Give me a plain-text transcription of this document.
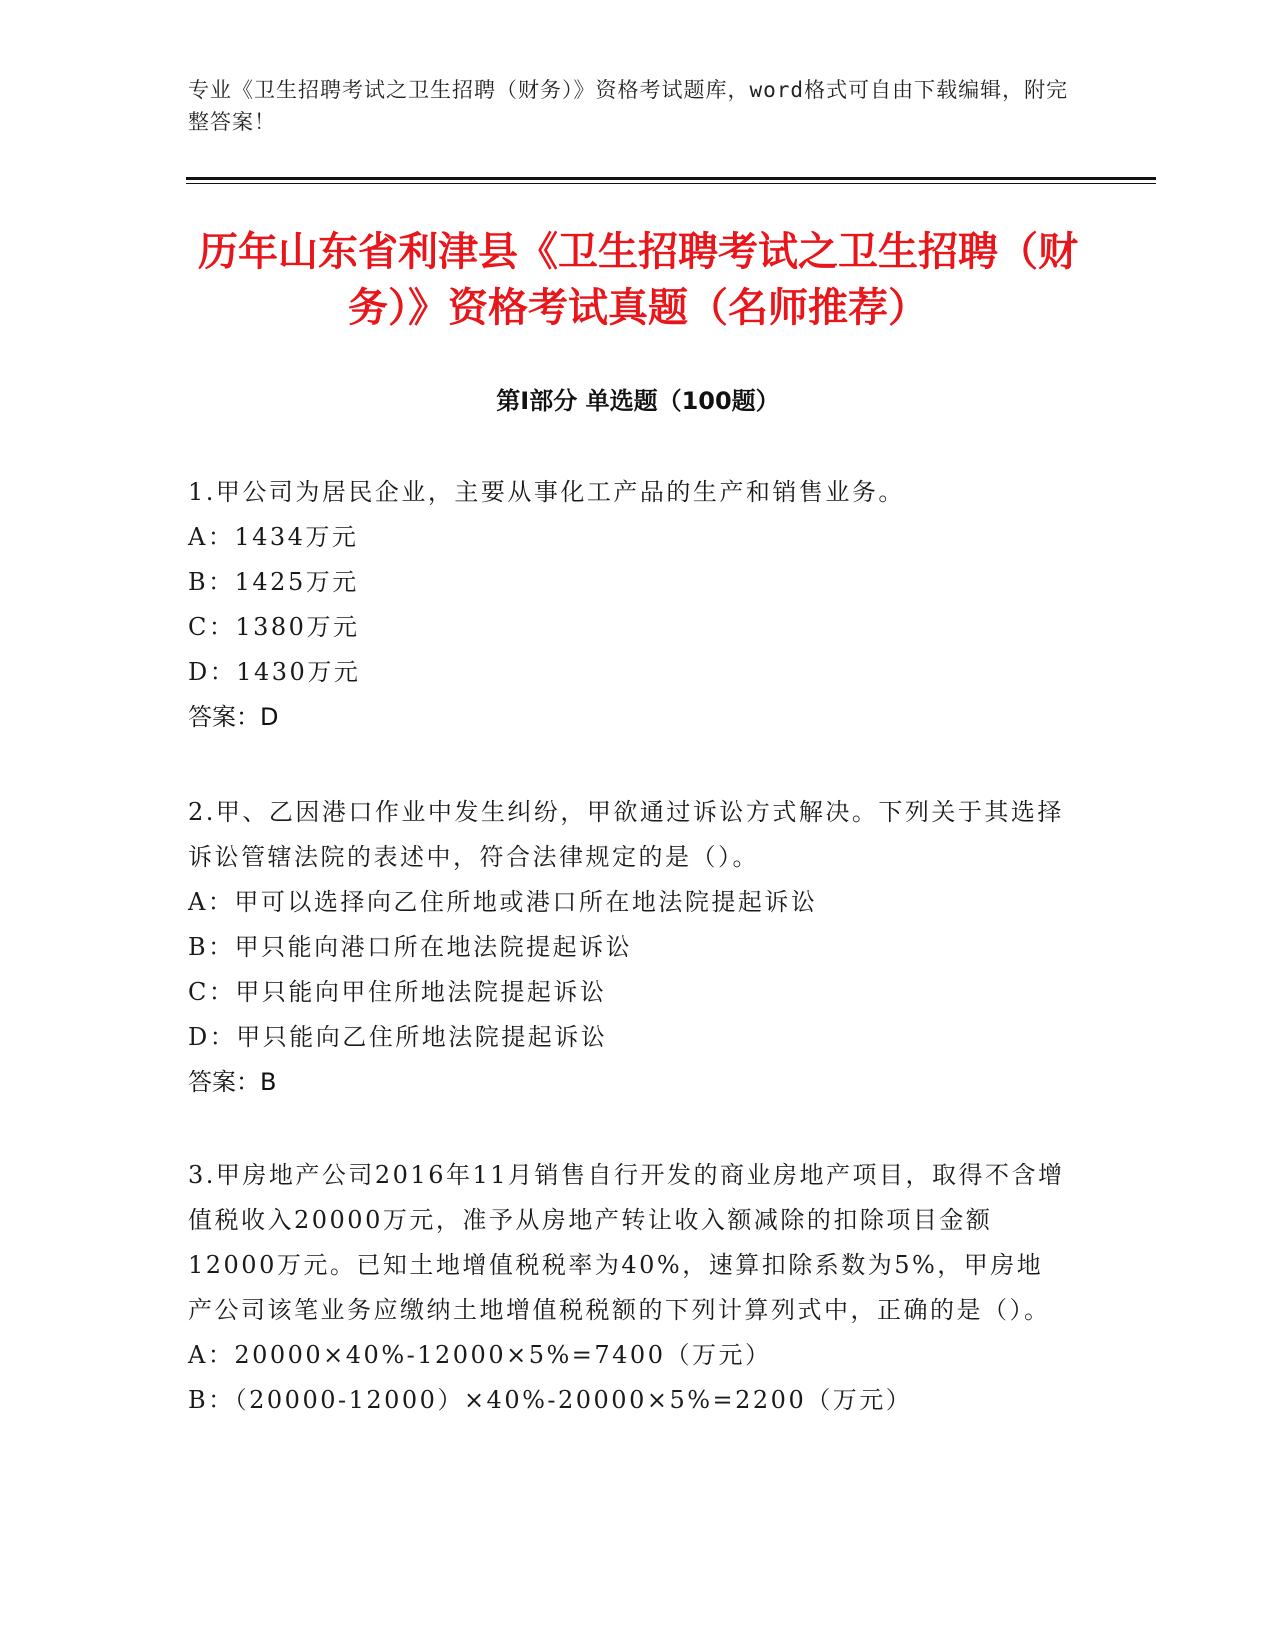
专业《卫生招聘考试之卫生招聘（财务）》资格考试题库，word格式可自由下载编辑，附完整答案！
历年山东省利津县《卫生招聘考试之卫生招聘（财务）》资格考试真题（名师推荐）
第Ⅰ部分 单选题（100题）
1.甲公司为居民企业，主要从事化工产品的生产和销售业务。
A：1434万元
B：1425万元
C：1380万元
D：1430万元
答案：D
2.甲、乙因港口作业中发生纠纷，甲欲通过诉讼方式解决。下列关于其选择诉讼管辖法院的表述中，符合法律规定的是（）。
A：甲可以选择向乙住所地或港口所在地法院提起诉讼
B：甲只能向港口所在地法院提起诉讼
C：甲只能向甲住所地法院提起诉讼
D：甲只能向乙住所地法院提起诉讼
答案：B
3.甲房地产公司2016年11月销售自行开发的商业房地产项目，取得不含增值税收入20000万元，准予从房地产转让收入额减除的扣除项目金额12000万元。已知土地增值税税率为40%，速算扣除系数为5%，甲房地产公司该笔业务应缴纳土地增值税税额的下列计算列式中，正确的是（）。
A：20000×40%-12000×5%=7400（万元）
B：（20000-12000）×40%-20000×5%=2200（万元）
